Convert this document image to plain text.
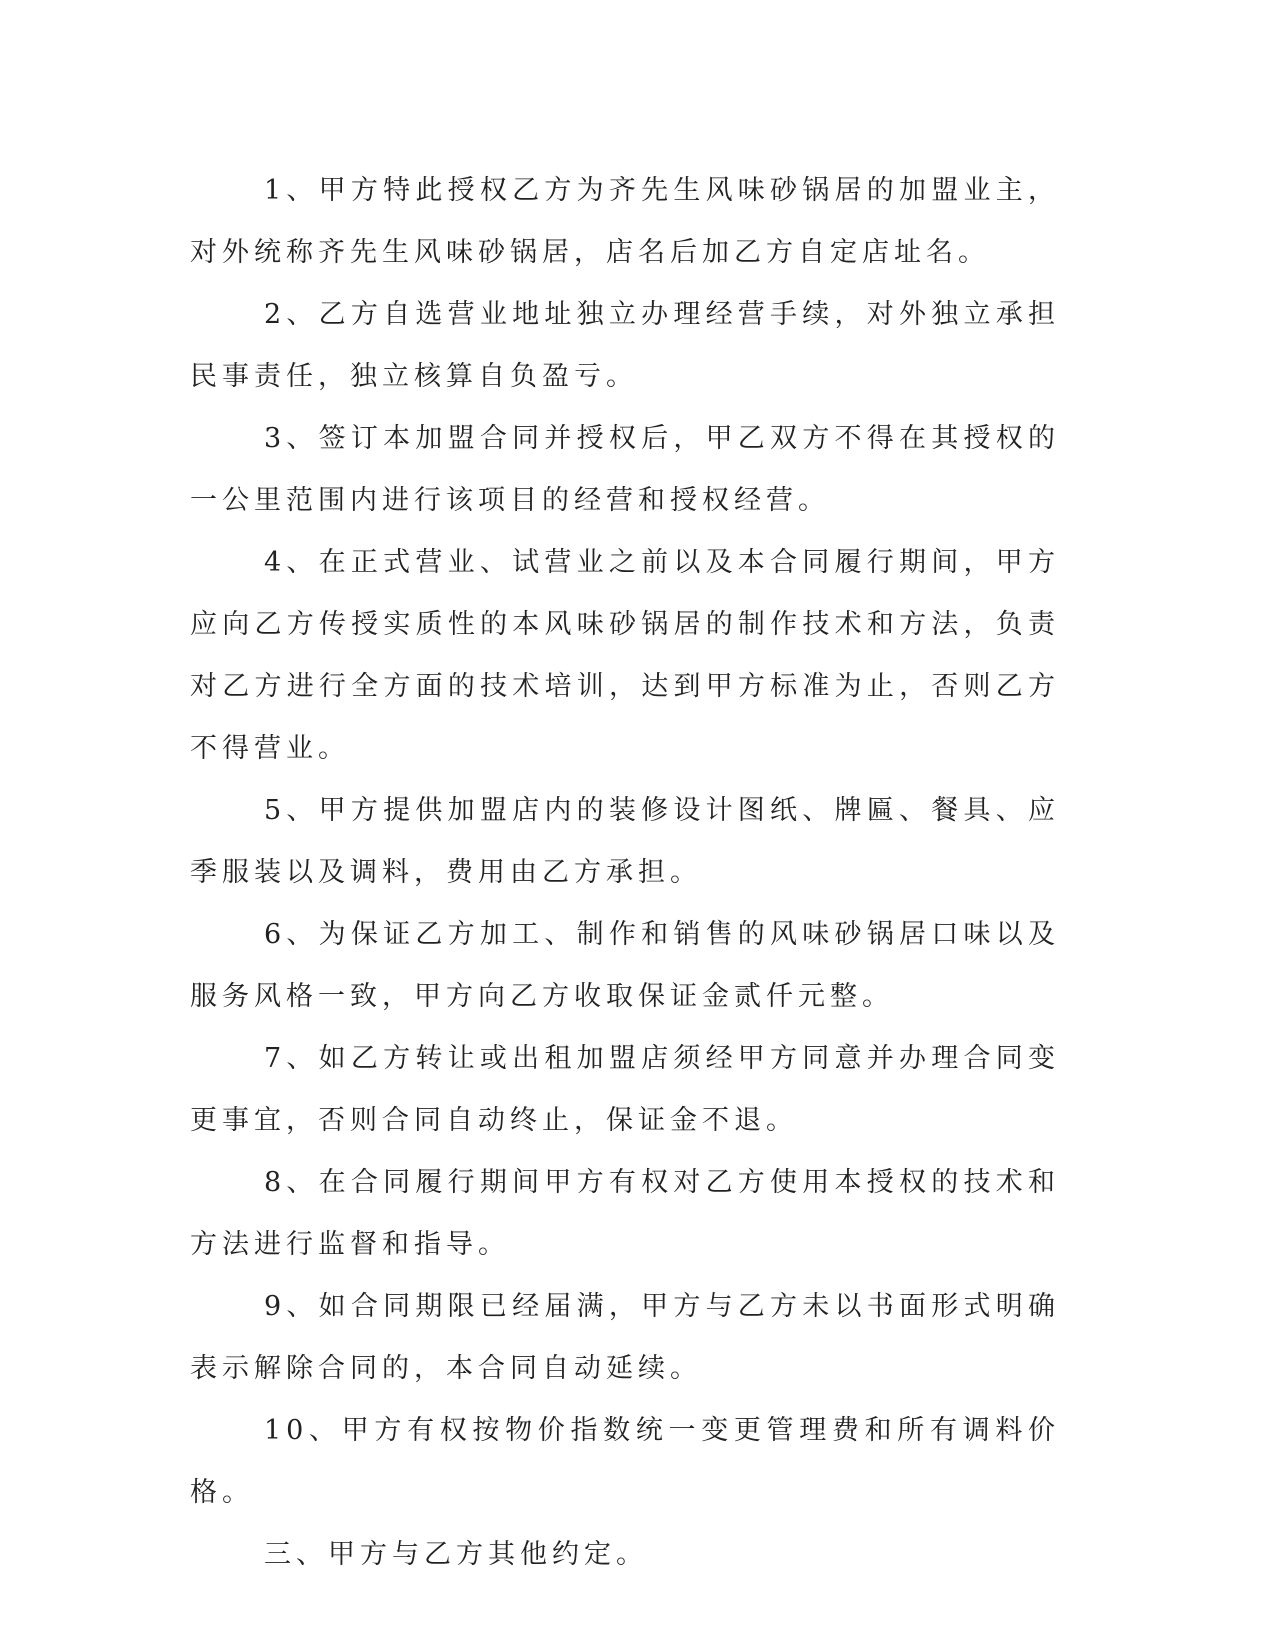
1、甲方特此授权乙方为齐先生风味砂锅居的加盟业主，对外统称齐先生风味砂锅居，店名后加乙方自定店址名。

2、乙方自选营业地址独立办理经营手续，对外独立承担民事责任，独立核算自负盈亏。

3、签订本加盟合同并授权后，甲乙双方不得在其授权的一公里范围内进行该项目的经营和授权经营。

4、在正式营业、试营业之前以及本合同履行期间，甲方应向乙方传授实质性的本风味砂锅居的制作技术和方法，负责对乙方进行全方面的技术培训，达到甲方标准为止，否则乙方不得营业。

5、甲方提供加盟店内的装修设计图纸、牌匾、餐具、应季服装以及调料，费用由乙方承担。

6、为保证乙方加工、制作和销售的风味砂锅居口味以及服务风格一致，甲方向乙方收取保证金贰仟元整。

7、如乙方转让或出租加盟店须经甲方同意并办理合同变更事宜，否则合同自动终止，保证金不退。

8、在合同履行期间甲方有权对乙方使用本授权的技术和方法进行监督和指导。

9、如合同期限已经届满，甲方与乙方未以书面形式明确表示解除合同的，本合同自动延续。

10、甲方有权按物价指数统一变更管理费和所有调料价格。

三、甲方与乙方其他约定。
